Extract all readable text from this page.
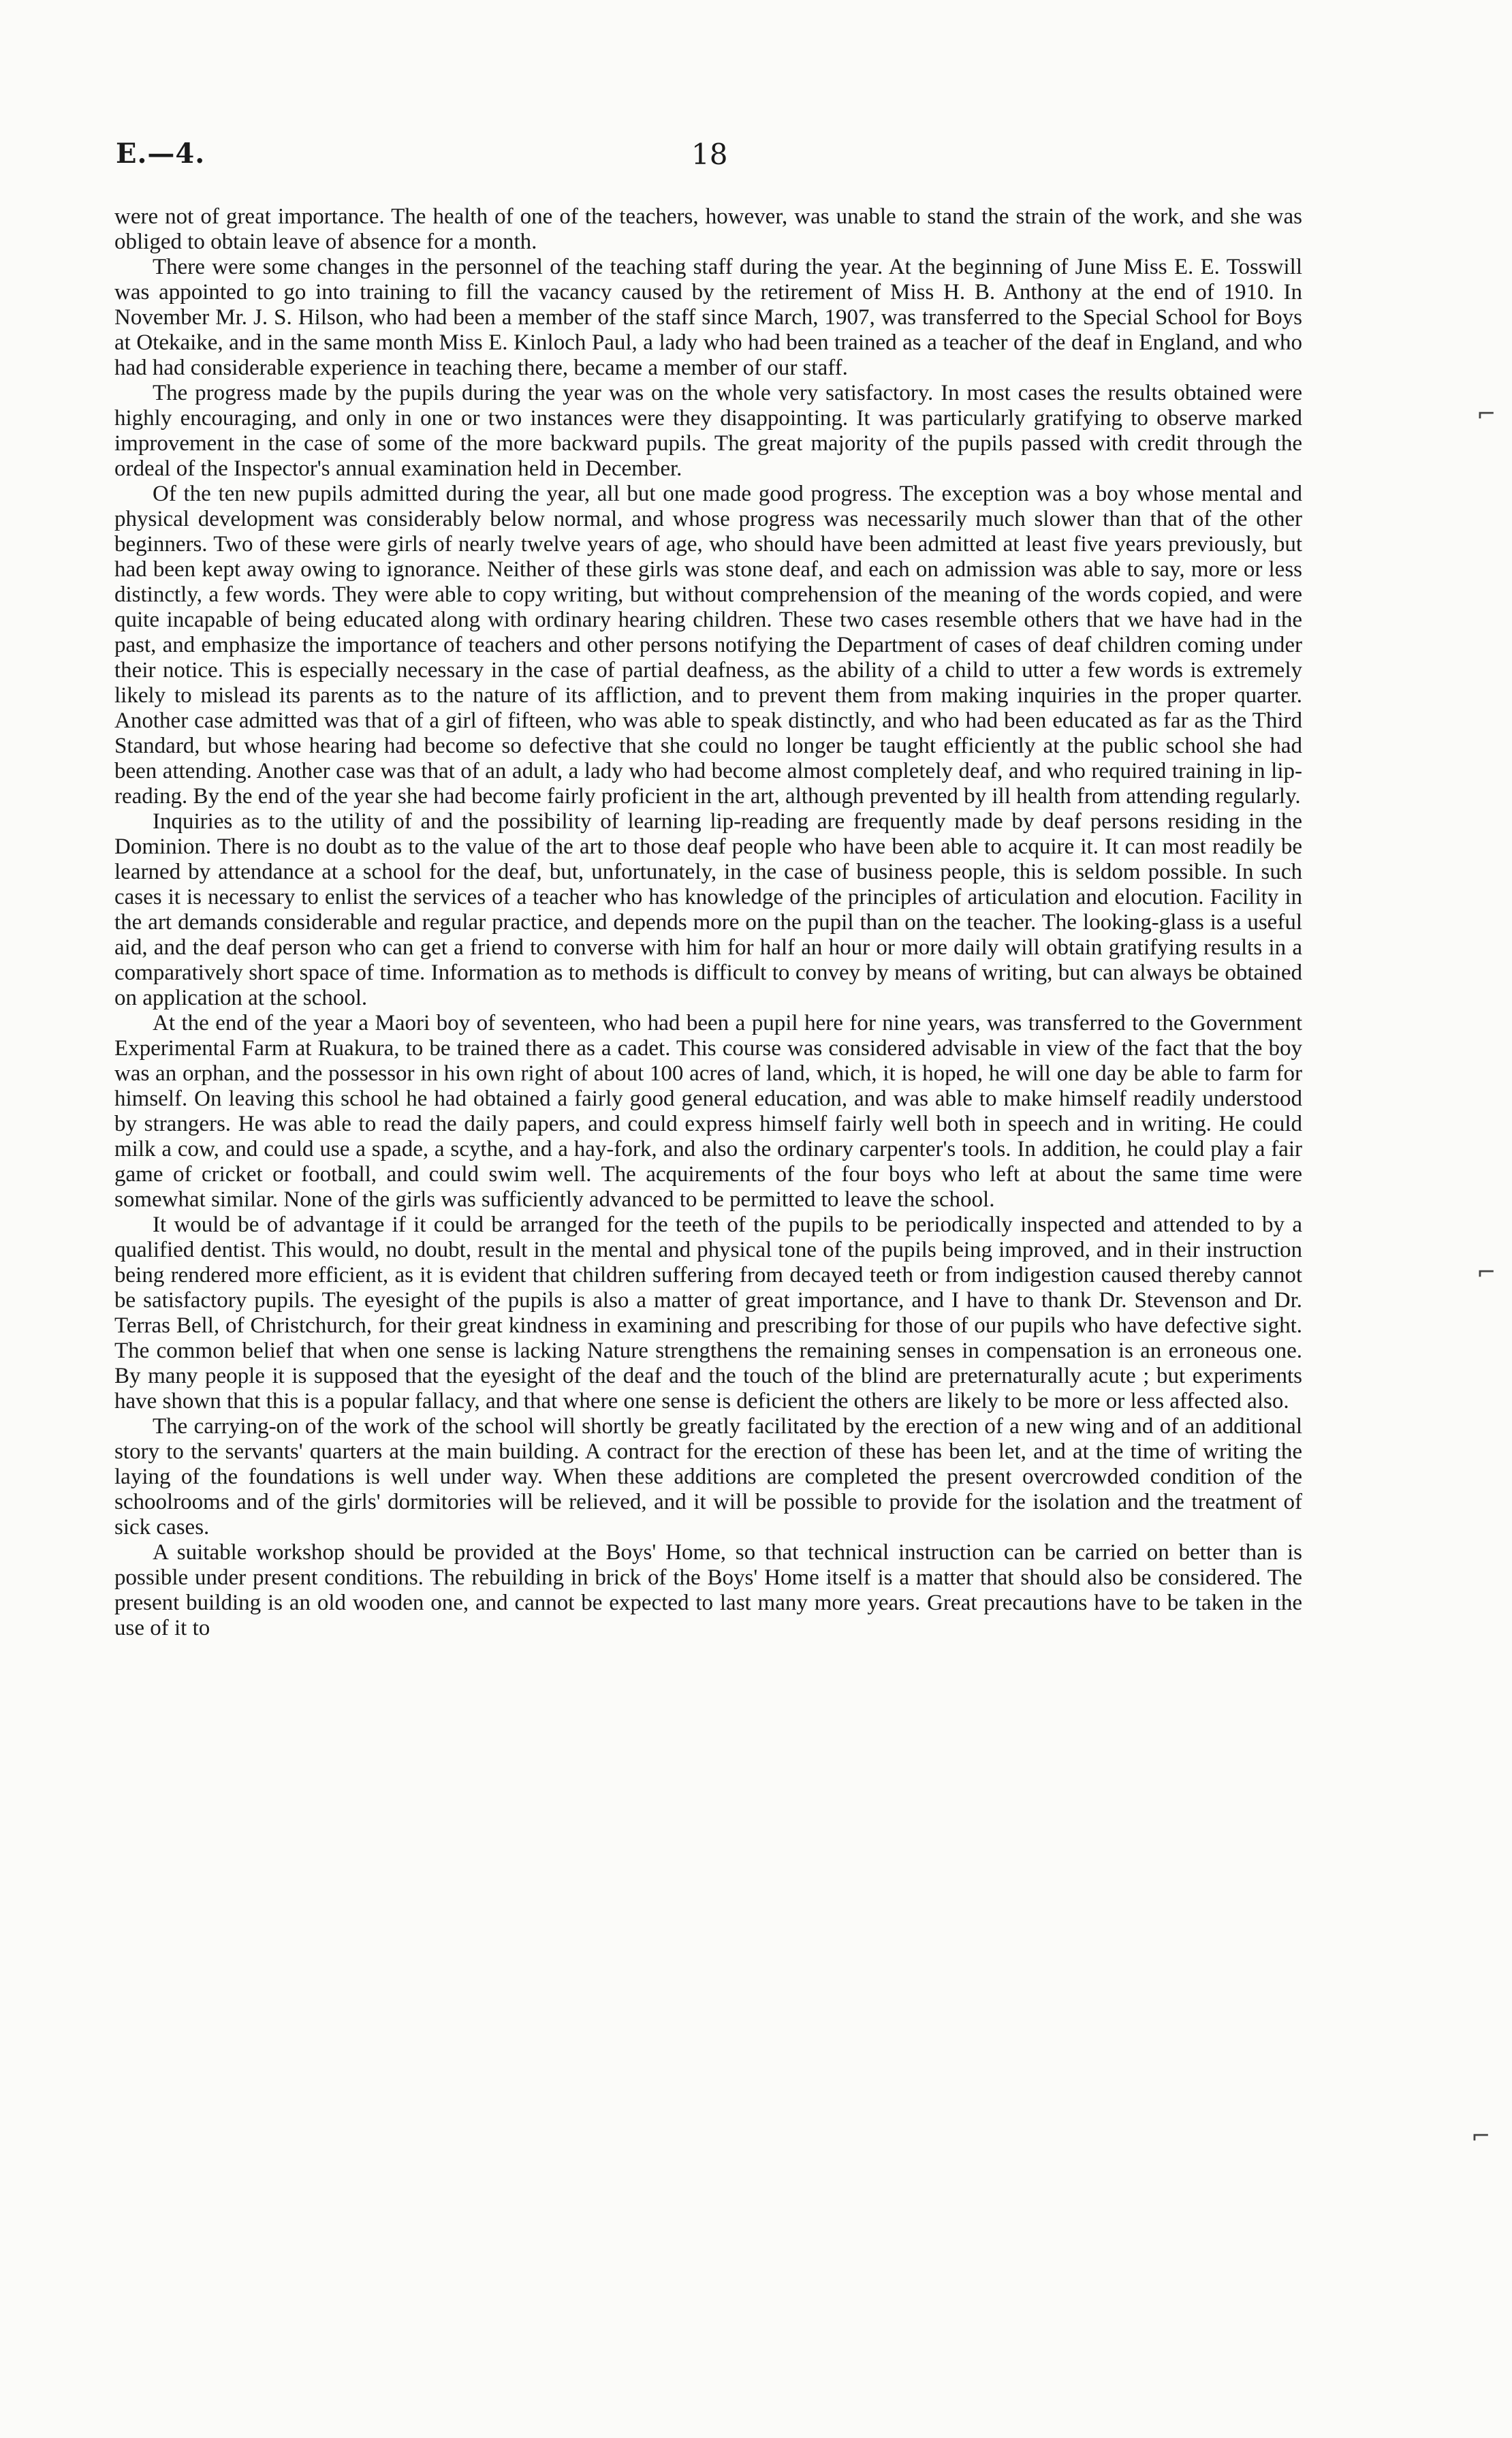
E.—4.	18

were not of great importance. The health of one of the teachers, however, was unable to stand the strain of the work, and she was obliged to obtain leave of absence for a month.

There were some changes in the personnel of the teaching staff during the year. At the beginning of June Miss E. E. Tosswill was appointed to go into training to fill the vacancy caused by the retirement of Miss H. B. Anthony at the end of 1910. In November Mr. J. S. Hilson, who had been a member of the staff since March, 1907, was transferred to the Special School for Boys at Otekaike, and in the same month Miss E. Kinloch Paul, a lady who had been trained as a teacher of the deaf in England, and who had had considerable experience in teaching there, became a member of our staff.

The progress made by the pupils during the year was on the whole very satisfactory. In most cases the results obtained were highly encouraging, and only in one or two instances were they disappointing. It was particularly gratifying to observe marked improvement in the case of some of the more backward pupils. The great majority of the pupils passed with credit through the ordeal of the Inspector's annual examination held in December.

Of the ten new pupils admitted during the year, all but one made good progress. The exception was a boy whose mental and physical development was considerably below normal, and whose progress was necessarily much slower than that of the other beginners. Two of these were girls of nearly twelve years of age, who should have been admitted at least five years previously, but had been kept away owing to ignorance. Neither of these girls was stone deaf, and each on admission was able to say, more or less distinctly, a few words. They were able to copy writing, but without comprehension of the meaning of the words copied, and were quite incapable of being educated along with ordinary hearing children. These two cases resemble others that we have had in the past, and emphasize the importance of teachers and other persons notifying the Department of cases of deaf children coming under their notice. This is especially necessary in the case of partial deafness, as the ability of a child to utter a few words is extremely likely to mislead its parents as to the nature of its affliction, and to prevent them from making inquiries in the proper quarter. Another case admitted was that of a girl of fifteen, who was able to speak distinctly, and who had been educated as far as the Third Standard, but whose hearing had become so defective that she could no longer be taught efficiently at the public school she had been attending. Another case was that of an adult, a lady who had become almost completely deaf, and who required training in lip-reading. By the end of the year she had become fairly proficient in the art, although prevented by ill health from attending regularly.

Inquiries as to the utility of and the possibility of learning lip-reading are frequently made by deaf persons residing in the Dominion. There is no doubt as to the value of the art to those deaf people who have been able to acquire it. It can most readily be learned by attendance at a school for the deaf, but, unfortunately, in the case of business people, this is seldom possible. In such cases it is necessary to enlist the services of a teacher who has knowledge of the principles of articulation and elocution. Facility in the art demands considerable and regular practice, and depends more on the pupil than on the teacher. The looking-glass is a useful aid, and the deaf person who can get a friend to converse with him for half an hour or more daily will obtain gratifying results in a comparatively short space of time. Information as to methods is difficult to convey by means of writing, but can always be obtained on application at the school.

At the end of the year a Maori boy of seventeen, who had been a pupil here for nine years, was transferred to the Government Experimental Farm at Ruakura, to be trained there as a cadet. This course was considered advisable in view of the fact that the boy was an orphan, and the possessor in his own right of about 100 acres of land, which, it is hoped, he will one day be able to farm for himself. On leaving this school he had obtained a fairly good general education, and was able to make himself readily understood by strangers. He was able to read the daily papers, and could express himself fairly well both in speech and in writing. He could milk a cow, and could use a spade, a scythe, and a hay-fork, and also the ordinary carpenter's tools. In addition, he could play a fair game of cricket or football, and could swim well. The acquirements of the four boys who left at about the same time were somewhat similar. None of the girls was sufficiently advanced to be permitted to leave the school.

It would be of advantage if it could be arranged for the teeth of the pupils to be periodically inspected and attended to by a qualified dentist. This would, no doubt, result in the mental and physical tone of the pupils being improved, and in their instruction being rendered more efficient, as it is evident that children suffering from decayed teeth or from indigestion caused thereby cannot be satisfactory pupils. The eyesight of the pupils is also a matter of great importance, and I have to thank Dr. Stevenson and Dr. Terras Bell, of Christchurch, for their great kindness in examining and prescribing for those of our pupils who have defective sight. The common belief that when one sense is lacking Nature strengthens the remaining senses in compensation is an erroneous one. By many people it is supposed that the eyesight of the deaf and the touch of the blind are preternaturally acute ; but experiments have shown that this is a popular fallacy, and that where one sense is deficient the others are likely to be more or less affected also.

The carrying-on of the work of the school will shortly be greatly facilitated by the erection of a new wing and of an additional story to the servants' quarters at the main building. A contract for the erection of these has been let, and at the time of writing the laying of the foundations is well under way. When these additions are completed the present overcrowded condition of the schoolrooms and of the girls' dormitories will be relieved, and it will be possible to provide for the isolation and the treatment of sick cases.

A suitable workshop should be provided at the Boys' Home, so that technical instruction can be carried on better than is possible under present conditions. The rebuilding in brick of the Boys' Home itself is a matter that should also be considered. The present building is an old wooden one, and cannot be expected to last many more years. Great precautions have to be taken in the use of it to

⌐
⌐
⌐
